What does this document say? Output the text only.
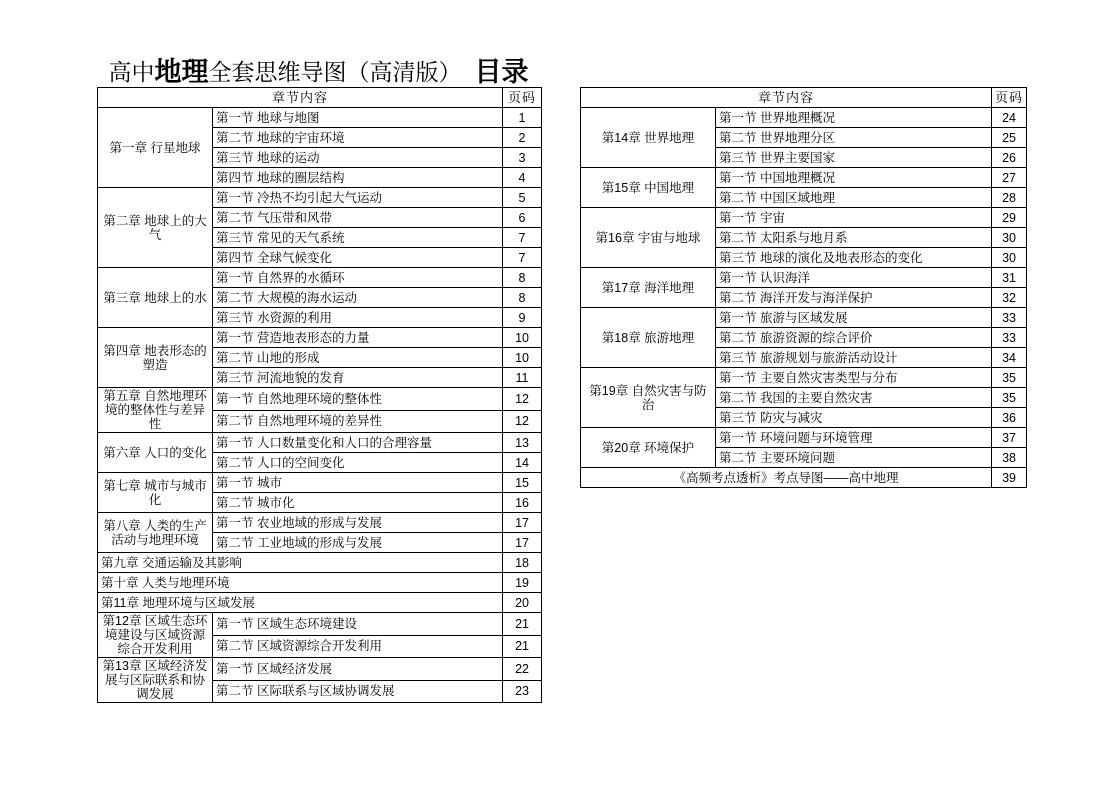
高中 地理 全套思维导图（高清版） 目录
章节内容		页码
第一章 行星地球	第一节 地球与地图	1
	第二节 地球的宇宙环境	2
	第三节 地球的运动	3
	第四节 地球的圈层结构	4
第二章 地球上的大气	第一节 冷热不均引起大气运动	5
	第二节 气压带和风带	6
	第三节 常见的天气系统	7
	第四节 全球气候变化	7
第三章 地球上的水	第一节 自然界的水循环	8
	第二节 大规模的海水运动	8
	第三节 水资源的利用	9
第四章 地表形态的塑造	第一节 营造地表形态的力量	10
	第二节 山地的形成	10
	第三节 河流地貌的发育	11
第五章 自然地理环境的整体性与差异性	第一节 自然地理环境的整体性	12
	第二节 自然地理环境的差异性	12
第六章 人口的变化	第一节 人口数量变化和人口的合理容量	13
	第二节 人口的空间变化	14
第七章 城市与城市化	第一节 城市	15
	第二节 城市化	16
第八章 人类的生产活动与地理环境	第一节 农业地域的形成与发展	17
	第二节 工业地域的形成与发展	17
第九章 交通运输及其影响		18
第十章 人类与地理环境		19
第11章 地理环境与区域发展		20
第12章 区域生态环境建设与区域资源综合开发利用	第一节 区域生态环境建设	21
	第二节 区域资源综合开发利用	21
第13章 区域经济发展与区际联系和协调发展	第一节 区域经济发展	22
	第二节 区际联系与区域协调发展	23
章节内容		页码
第14章 世界地理	第一节 世界地理概况	24
	第二节 世界地理分区	25
	第三节 世界主要国家	26
第15章 中国地理	第一节 中国地理概况	27
	第二节 中国区域地理	28
第16章 宇宙与地球	第一节 宇宙	29
	第二节 太阳系与地月系	30
	第三节 地球的演化及地表形态的变化	30
第17章 海洋地理	第一节 认识海洋	31
	第二节 海洋开发与海洋保护	32
第18章 旅游地理	第一节 旅游与区域发展	33
	第二节 旅游资源的综合评价	33
	第三节 旅游规划与旅游活动设计	34
第19章 自然灾害与防治	第一节 主要自然灾害类型与分布	35
	第二节 我国的主要自然灾害	35
	第三节 防灾与减灾	36
第20章 环境保护	第一节 环境问题与环境管理	37
	第二节 主要环境问题	38
《高频考点透析》考点导图——高中地理		39
